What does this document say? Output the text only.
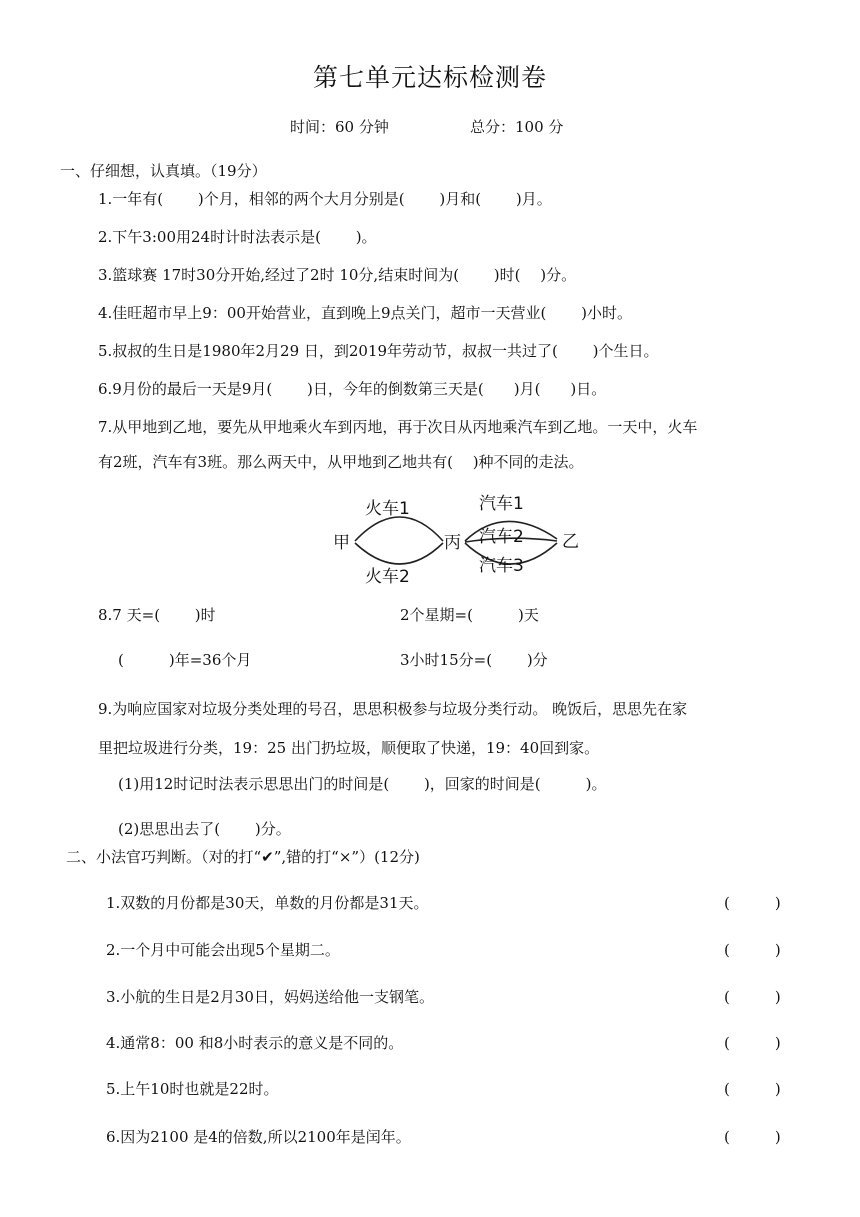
第七单元达标检测卷
时间：60 分钟	总分：100 分
一、仔细想，认真填。（19分）
1.一年有(　　 )个月，相邻的两个大月分别是(　　 )月和(　　 )月。
2.下午3:00用24时计时法表示是(　　 )。
3.篮球赛 17时30分开始,经过了2时 10分,结束时间为(　　 )时(　 )分。
4.佳旺超市早上9：00开始营业，直到晚上9点关门，超市一天营业(　　 )小时。
5.叔叔的生日是1980年2月29 日，到2019年劳动节，叔叔一共过了(　　 )个生日。
6.9月份的最后一天是9月(　　 )日，今年的倒数第三天是(　　)月(　　)日。
7.从甲地到乙地，要先从甲地乘火车到丙地，再于次日从丙地乘汽车到乙地。一天中，火车
有2班，汽车有3班。那么两天中，从甲地到乙地共有(　 )种不同的走法。
甲	丙	乙
火车1
火车2
汽车1
汽车2
汽车3
8.7 天=(　　 )时	2个星期=(　　　)天
(　　　)年=36个月	3小时15分=(　　 )分
9.为响应国家对垃圾分类处理的号召，思思积极参与垃圾分类行动。 晚饭后，思思先在家
里把垃圾进行分类，19：25 出门扔垃圾，顺便取了快递，19：40回到家。
(1)用12时记时法表示思思出门的时间是(　　 )，回家的时间是(　　　)。
(2)思思出去了(　　 )分。
二、小法官巧判断。（对的打“✔”,错的打“×”）(12分)
1.双数的月份都是30天，单数的月份都是31天。	(　　　)
2.一个月中可能会出现5个星期二。	(　　　)
3.小航的生日是2月30日，妈妈送给他一支钢笔。	(　　　)
4.通常8：00 和8小时表示的意义是不同的。	(　　　)
5.上午10时也就是22时。	(　　　)
6.因为2100 是4的倍数,所以2100年是闰年。	(　　　)
